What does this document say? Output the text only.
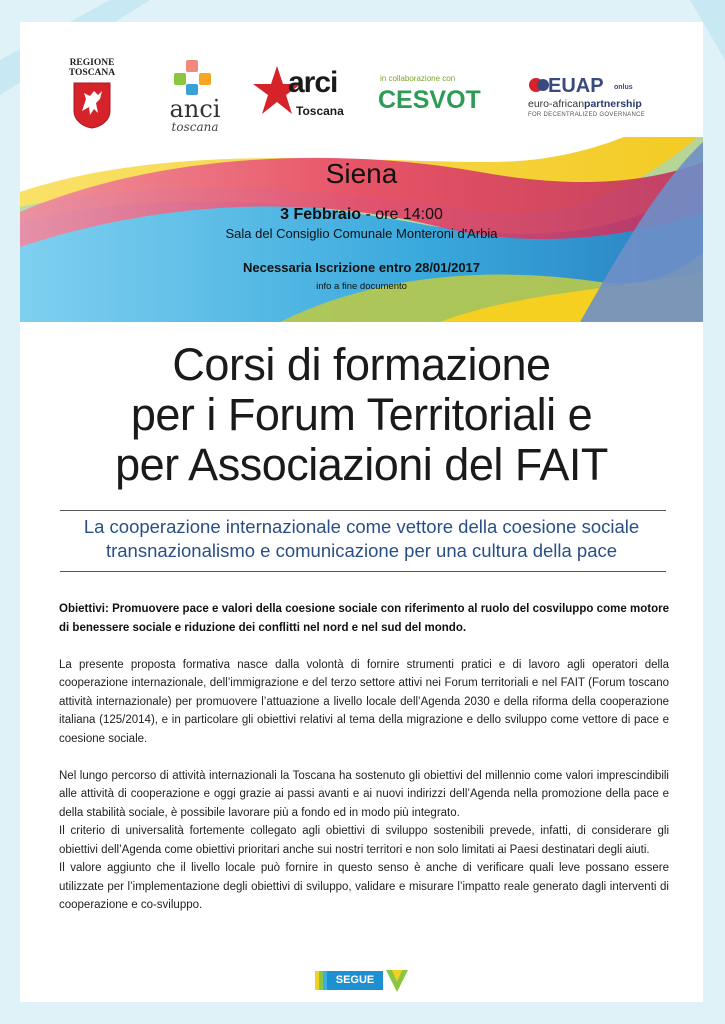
REGIONE
TOSCANA
anci
toscana
arci
Toscana
in collaborazione con
CESVOT	EUAP onlus
euro-africanpartnership
FOR DECENTRALIZED GOVERNANCE
Siena
3 Febbraio - ore 14:00
Sala del Consiglio Comunale Monteroni d'Arbia
Necessaria Iscrizione entro 28/01/2017
info a fine documento
Corsi di formazione
per i Forum Territoriali e
per Associazioni del FAIT
La cooperazione internazionale come vettore della coesione sociale
transnazionalismo e comunicazione per una cultura della pace

Obiettivi: Promuovere pace e valori della coesione sociale con riferimento al ruolo del cosviluppo come motore di benessere sociale e riduzione dei conflitti nel nord e nel sud del mondo.

La presente proposta formativa nasce dalla volontà di fornire strumenti pratici e di lavoro agli operatori della cooperazione internazionale, dell’immigrazione e del terzo settore attivi nei Forum territoriali e nel FAIT (Forum toscano attività internazionale) per promuovere l’attuazione a livello locale dell’Agenda 2030 e della riforma della cooperazione italiana (125/2014), e in particolare gli obiettivi relativi al tema della migrazione e dello sviluppo come vettore di pace e coesione sociale.

Nel lungo percorso di attività internazionali la Toscana ha sostenuto gli obiettivi del millennio come valori imprescindibili alle attività di cooperazione e oggi grazie ai passi avanti e ai nuovi indirizzi dell’Agenda nella promozione della pace e della stabilità sociale, è possibile lavorare più a fondo ed in modo più integrato.

Il criterio di universalità fortemente collegato agli obiettivi di sviluppo sostenibili prevede, infatti, di considerare gli obiettivi dell’Agenda come obiettivi prioritari anche sui nostri territori e non solo limitati ai Paesi destinatari degli aiuti.

Il valore aggiunto che il livello locale può fornire in questo senso è anche di verificare quali leve possano essere utilizzate per l’implementazione degli obiettivi di sviluppo, validare e misurare l’impatto reale generato dagli interventi di cooperazione e co-sviluppo.

SEGUE
